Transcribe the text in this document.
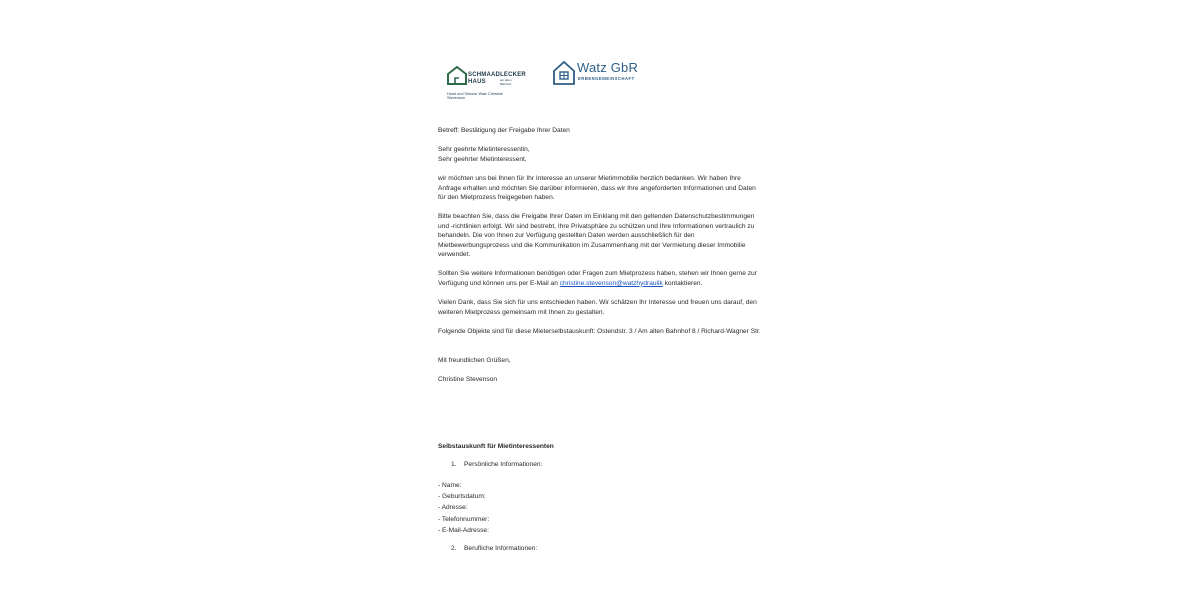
SCHMAADLECKER
HAUS	am alten Bahnhof
Horst und Simone Watz Christine Stevenson
Watz GbR
ERBENGEMEINSCHAFT
Betreff: Bestätigung der Freigabe Ihrer Daten

Sehr geehrte Mietinteressentin,

Sehr geehrter Mietinteressent,

wir möchten uns bei Ihnen für Ihr Interesse an unserer Mietimmobilie herzlich bedanken. Wir haben Ihre Anfrage erhalten und möchten Sie darüber informieren, dass wir Ihre angeforderten Informationen und Daten für den Mietprozess freigegeben haben.
Bitte beachten Sie, dass die Freigabe Ihrer Daten im Einklang mit den geltenden Datenschutzbestimmungen und -richtlinien erfolgt. Wir sind bestrebt, Ihre Privatsphäre zu schützen und Ihre Informationen vertraulich zu behandeln. Die von Ihnen zur Verfügung gestellten Daten werden ausschließlich für den Mietbewerbungsprozess und die Kommunikation im Zusammenhang mit der Vermietung dieser Immobilie verwendet.
Sollten Sie weitere Informationen benötigen oder Fragen zum Mietprozess haben, stehen wir Ihnen gerne zur Verfügung und können uns per E-Mail an christine.stevenson@watzhydraulik kontaktieren.
Vielen Dank, dass Sie sich für uns entschieden haben. Wir schätzen Ihr Interesse und freuen uns darauf, den weiteren Mietprozess gemeinsam mit Ihnen zu gestalten.
Folgende Objekte sind für diese Mieterselbstauskunft: Ostendstr. 3 / Am alten Bahnhof 8 / Richard-Wagner Str.
Mit freundlichen Grüßen,
Christine Stevenson
Selbstauskunft für Mietinteressenten
1. Persönliche Informationen:

- Name:

- Geburtsdatum:

- Adresse:

- Telefonnummer:

- E-Mail-Adresse:

2. Berufliche Informationen:
